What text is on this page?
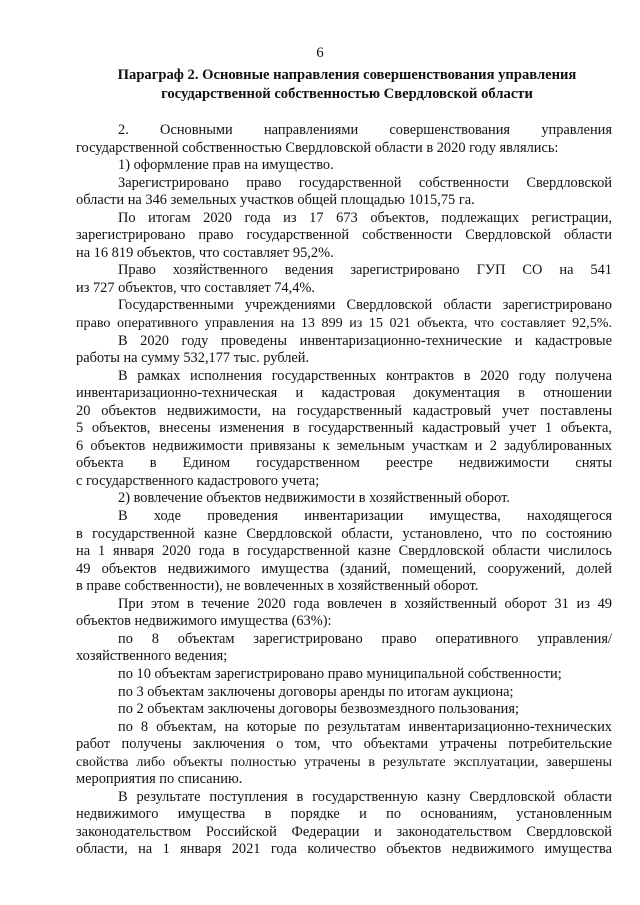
6
Параграф 2. Основные направления совершенствования управления
государственной собственностью Свердловской области
2. Основными направлениями совершенствования управления
государственной собственностью Свердловской области в 2020 году являлись:
1) оформление прав на имущество.
Зарегистрировано право государственной собственности Свердловской
области на 346 земельных участков общей площадью 1015,75 га.
По итогам 2020 года из 17 673 объектов, подлежащих регистрации,
зарегистрировано право государственной собственности Свердловской области
на 16 819 объектов, что составляет 95,2%.
Право хозяйственного ведения зарегистрировано ГУП СО на 541
из 727 объектов, что составляет 74,4%.
Государственными учреждениями Свердловской области зарегистрировано
право оперативного управления на 13 899 из 15 021 объекта, что составляет 92,5%.
В 2020 году проведены инвентаризационно-технические и кадастровые
работы на сумму 532,177 тыс. рублей.
В рамках исполнения государственных контрактов в 2020 году получена
инвентаризационно-техническая и кадастровая документация в отношении
20 объектов недвижимости, на государственный кадастровый учет поставлены
5 объектов, внесены изменения в государственный кадастровый учет 1 объекта,
6 объектов недвижимости привязаны к земельным участкам и 2 задублированных
объекта в Едином государственном реестре недвижимости сняты
с государственного кадастрового учета;
2) вовлечение объектов недвижимости в хозяйственный оборот.
В ходе проведения инвентаризации имущества, находящегося
в государственной казне Свердловской области, установлено, что по состоянию
на 1 января 2020 года в государственной казне Свердловской области числилось
49 объектов недвижимого имущества (зданий, помещений, сооружений, долей
в праве собственности), не вовлеченных в хозяйственный оборот.
При этом в течение 2020 года вовлечен в хозяйственный оборот 31 из 49
объектов недвижимого имущества (63%):
по 8 объектам зарегистрировано право оперативного управления/
хозяйственного ведения;
по 10 объектам зарегистрировано право муниципальной собственности;
по 3 объектам заключены договоры аренды по итогам аукциона;
по 2 объектам заключены договоры безвозмездного пользования;
по 8 объектам, на которые по результатам инвентаризационно-технических
работ получены заключения о том, что объектами утрачены потребительские
свойства либо объекты полностью утрачены в результате эксплуатации, завершены
мероприятия по списанию.
В результате поступления в государственную казну Свердловской области
недвижимого имущества в порядке и по основаниям, установленным
законодательством Российской Федерации и законодательством Свердловской
области, на 1 января 2021 года количество объектов недвижимого имущества
